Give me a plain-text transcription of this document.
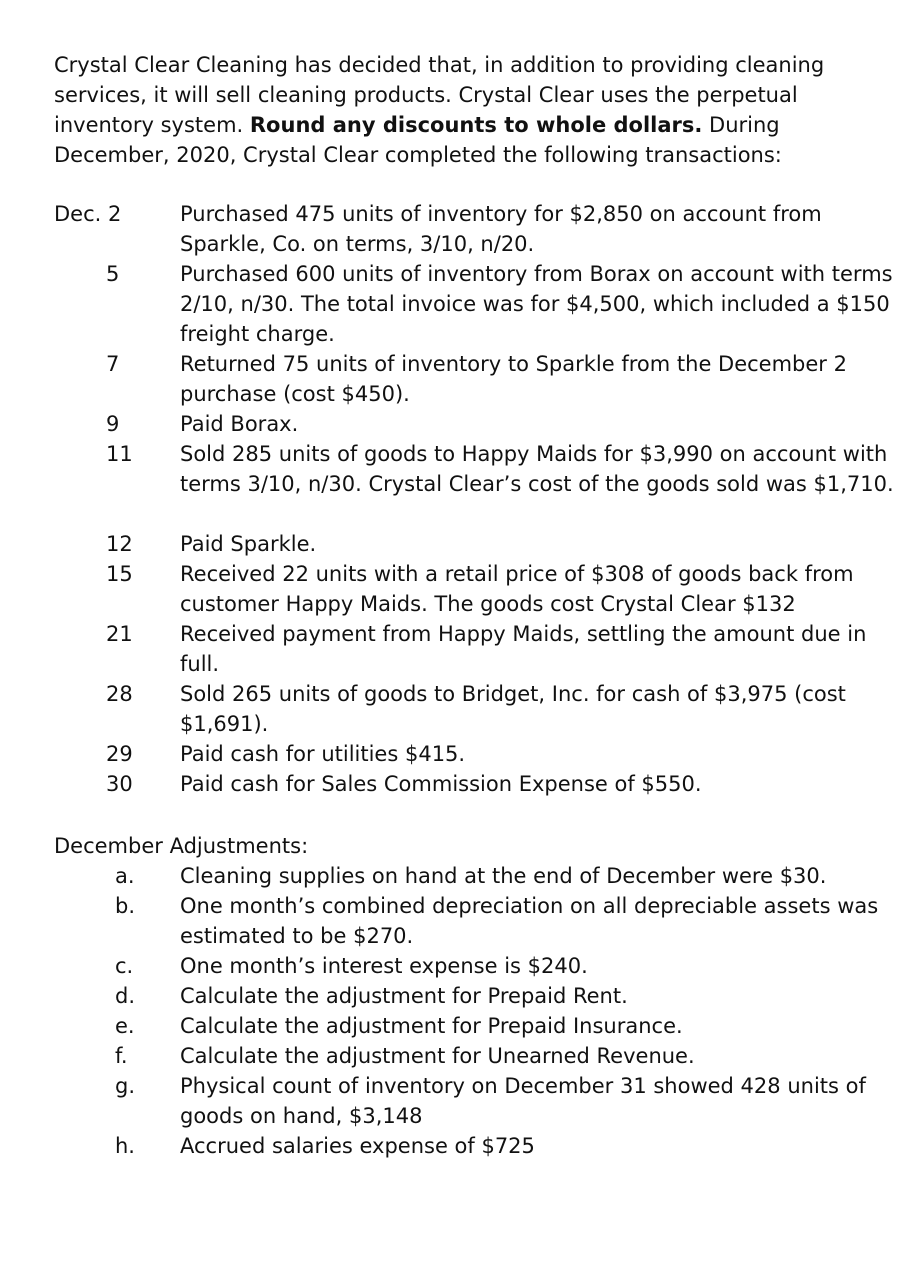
Crystal Clear Cleaning has decided that, in addition to providing cleaning services, it will sell cleaning products. Crystal Clear uses the perpetual inventory system. Round any discounts to whole dollars. During December, 2020, Crystal Clear completed the following transactions:

Dec. 2	Purchased 475 units of inventory for $2,850 on account from Sparkle, Co. on terms, 3/10, n/20.
5	Purchased 600 units of inventory from Borax on account with terms 2/10, n/30. The total invoice was for $4,500, which included a $150 freight charge.
7	Returned 75 units of inventory to Sparkle from the December 2 purchase (cost $450).
9	Paid Borax.
11 Sold 285 units of goods to Happy Maids for $3,990 on account with terms 3/10, n/30. Crystal Clear’s cost of the goods sold was $1,710.
12 Paid Sparkle.
15 Received 22 units with a retail price of $308 of goods back from customer Happy Maids. The goods cost Crystal Clear $132
21 Received payment from Happy Maids, settling the amount due in full.
28 Sold 265 units of goods to Bridget, Inc. for cash of $3,975 (cost $1,691).
29 Paid cash for utilities $415.
30 Paid cash for Sales Commission Expense of $550.

December Adjustments:

a. Cleaning supplies on hand at the end of December were $30.
b. One month’s combined depreciation on all depreciable assets was estimated to be $270.
c. One month’s interest expense is $240.
d. Calculate the adjustment for Prepaid Rent.
e. Calculate the adjustment for Prepaid Insurance.
f. Calculate the adjustment for Unearned Revenue.
g. Physical count of inventory on December 31 showed 428 units of goods on hand, $3,148
h. Accrued salaries expense of $725
